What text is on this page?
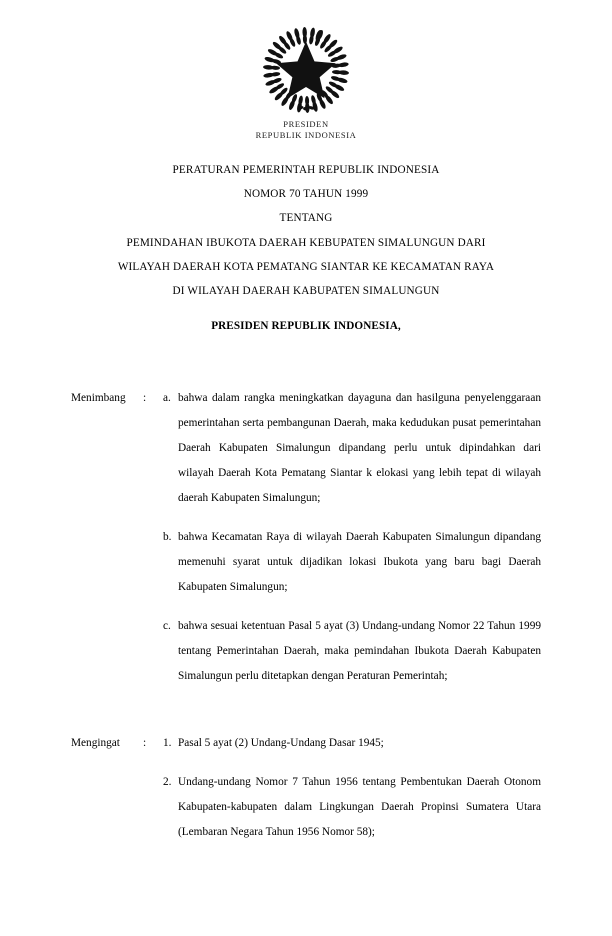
PRESIDEN
REPUBLIK INDONESIA
PERATURAN PEMERINTAH REPUBLIK INDONESIA
NOMOR 70 TAHUN 1999
TENTANG
PEMINDAHAN IBUKOTA DAERAH KEBUPATEN SIMALUNGUN DARI
WILAYAH DAERAH KOTA PEMATANG SIANTAR KE KECAMATAN RAYA
DI WILAYAH DAERAH KABUPATEN SIMALUNGUN
PRESIDEN REPUBLIK INDONESIA,
Menimbang	:	a. bahwa dalam rangka meningkatkan dayaguna dan hasilguna penyelenggaraan pemerintahan serta pembangunan Daerah, maka kedudukan pusat pemerintahan Daerah Kabupaten Simalungun dipandang perlu untuk dipindahkan dari wilayah Daerah Kota Pematang Siantar k elokasi yang lebih tepat di wilayah daerah Kabupaten Simalungun;
b. bahwa Kecamatan Raya di wilayah Daerah Kabupaten Simalungun dipandang memenuhi syarat untuk dijadikan lokasi Ibukota yang baru bagi Daerah Kabupaten Simalungun;
c. bahwa sesuai ketentuan Pasal 5 ayat (3) Undang-undang Nomor 22 Tahun 1999 tentang Pemerintahan Daerah, maka pemindahan Ibukota Daerah Kabupaten Simalungun perlu ditetapkan dengan Peraturan Pemerintah;
Mengingat	:	1. Pasal 5 ayat (2) Undang-Undang Dasar 1945;
2. Undang-undang Nomor 7 Tahun 1956 tentang Pembentukan Daerah Otonom Kabupaten-kabupaten dalam Lingkungan Daerah Propinsi Sumatera Utara (Lembaran Negara Tahun 1956 Nomor 58);
